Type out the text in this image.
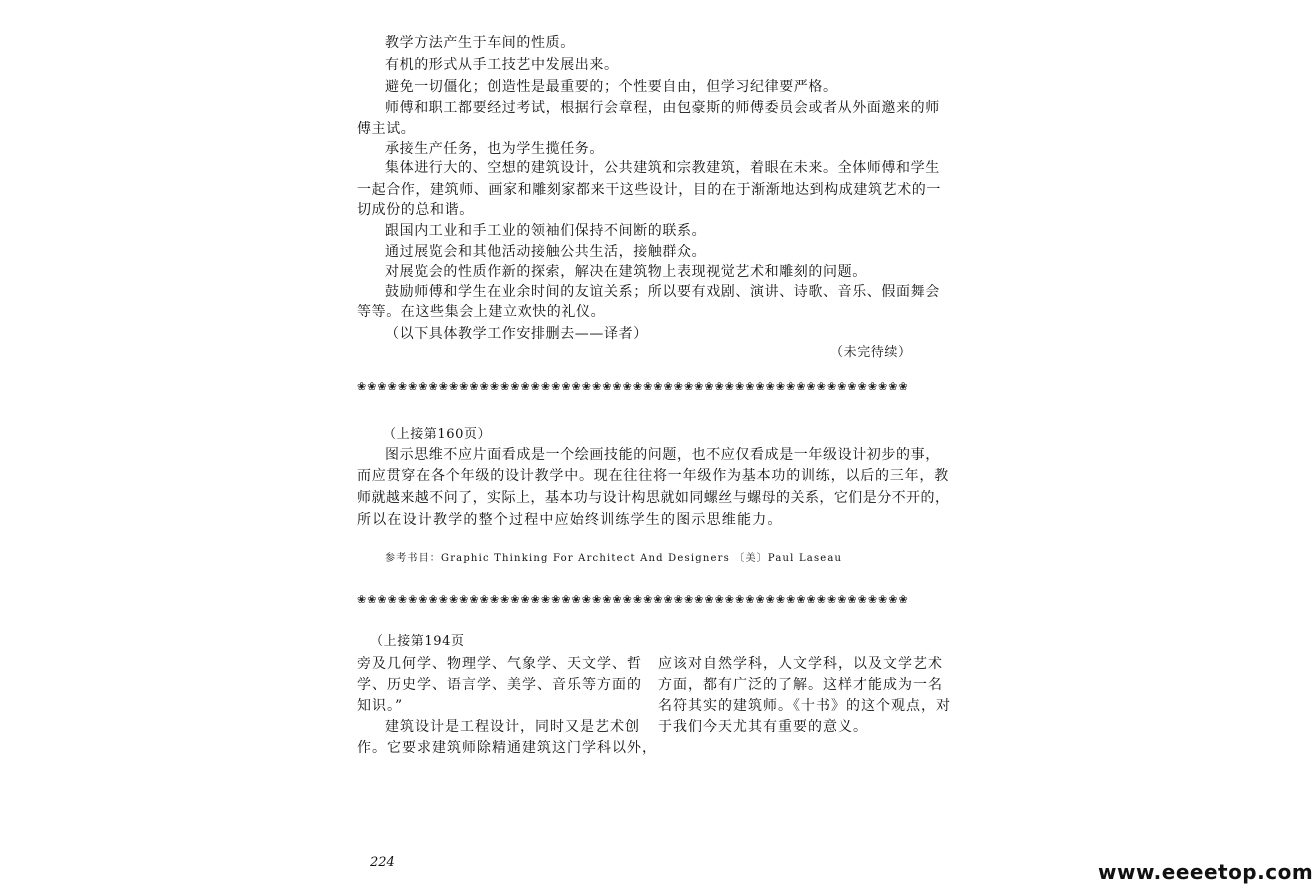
教学方法产生于车间的性质。
有机的形式从手工技艺中发展出来。
避免一切僵化；创造性是最重要的；个性要自由，但学习纪律要严格。
师傅和职工都要经过考试，根据行会章程，由包豪斯的师傅委员会或者从外面邀来的师
傅主试。
承接生产任务，也为学生揽任务。
集体进行大的、空想的建筑设计，公共建筑和宗教建筑，着眼在未来。全体师傅和学生
一起合作，建筑师、画家和雕刻家都来干这些设计，目的在于渐渐地达到构成建筑艺术的一
切成份的总和谐。
跟国内工业和手工业的领袖们保持不间断的联系。
通过展览会和其他活动接触公共生活，接触群众。
对展览会的性质作新的探索，解决在建筑物上表现视觉艺术和雕刻的问题。
鼓励师傅和学生在业余时间的友谊关系；所以要有戏剧、演讲、诗歌、音乐、假面舞会
等等。在这些集会上建立欢快的礼仪。
（以下具体教学工作安排删去——译者）
（未完待续）
❀❀❀❀❀❀❀❀❀❀❀❀❀❀❀❀❀❀❀❀❀❀❀❀❀❀❀❀❀❀❀❀❀❀❀❀❀❀❀❀❀❀❀❀❀❀❀❀❀❀❀❀❀❀
（上接第160页）
图示思维不应片面看成是一个绘画技能的问题，也不应仅看成是一年级设计初步的事，
而应贯穿在各个年级的设计教学中。现在往往将一年级作为基本功的训练，以后的三年，教
师就越来越不问了，实际上，基本功与设计构思就如同螺丝与螺母的关系，它们是分不开的，
所以在设计教学的整个过程中应始终训练学生的图示思维能力。
参考书目：Graphic Thinking For Architect And Designers 〔美〕Paul Laseau
❀❀❀❀❀❀❀❀❀❀❀❀❀❀❀❀❀❀❀❀❀❀❀❀❀❀❀❀❀❀❀❀❀❀❀❀❀❀❀❀❀❀❀❀❀❀❀❀❀❀❀❀❀❀
（上接第194页
旁及几何学、物理学、气象学、天文学、哲
学、历史学、语言学、美学、音乐等方面的
知识。”
建筑设计是工程设计，同时又是艺术创
作。它要求建筑师除精通建筑这门学科以外，
应该对自然学科，人文学科，以及文学艺术
方面，都有广泛的了解。这样才能成为一名
名符其实的建筑师。《十书》的这个观点，对
于我们今天尤其有重要的意义。
224	www.eeeetop.com
